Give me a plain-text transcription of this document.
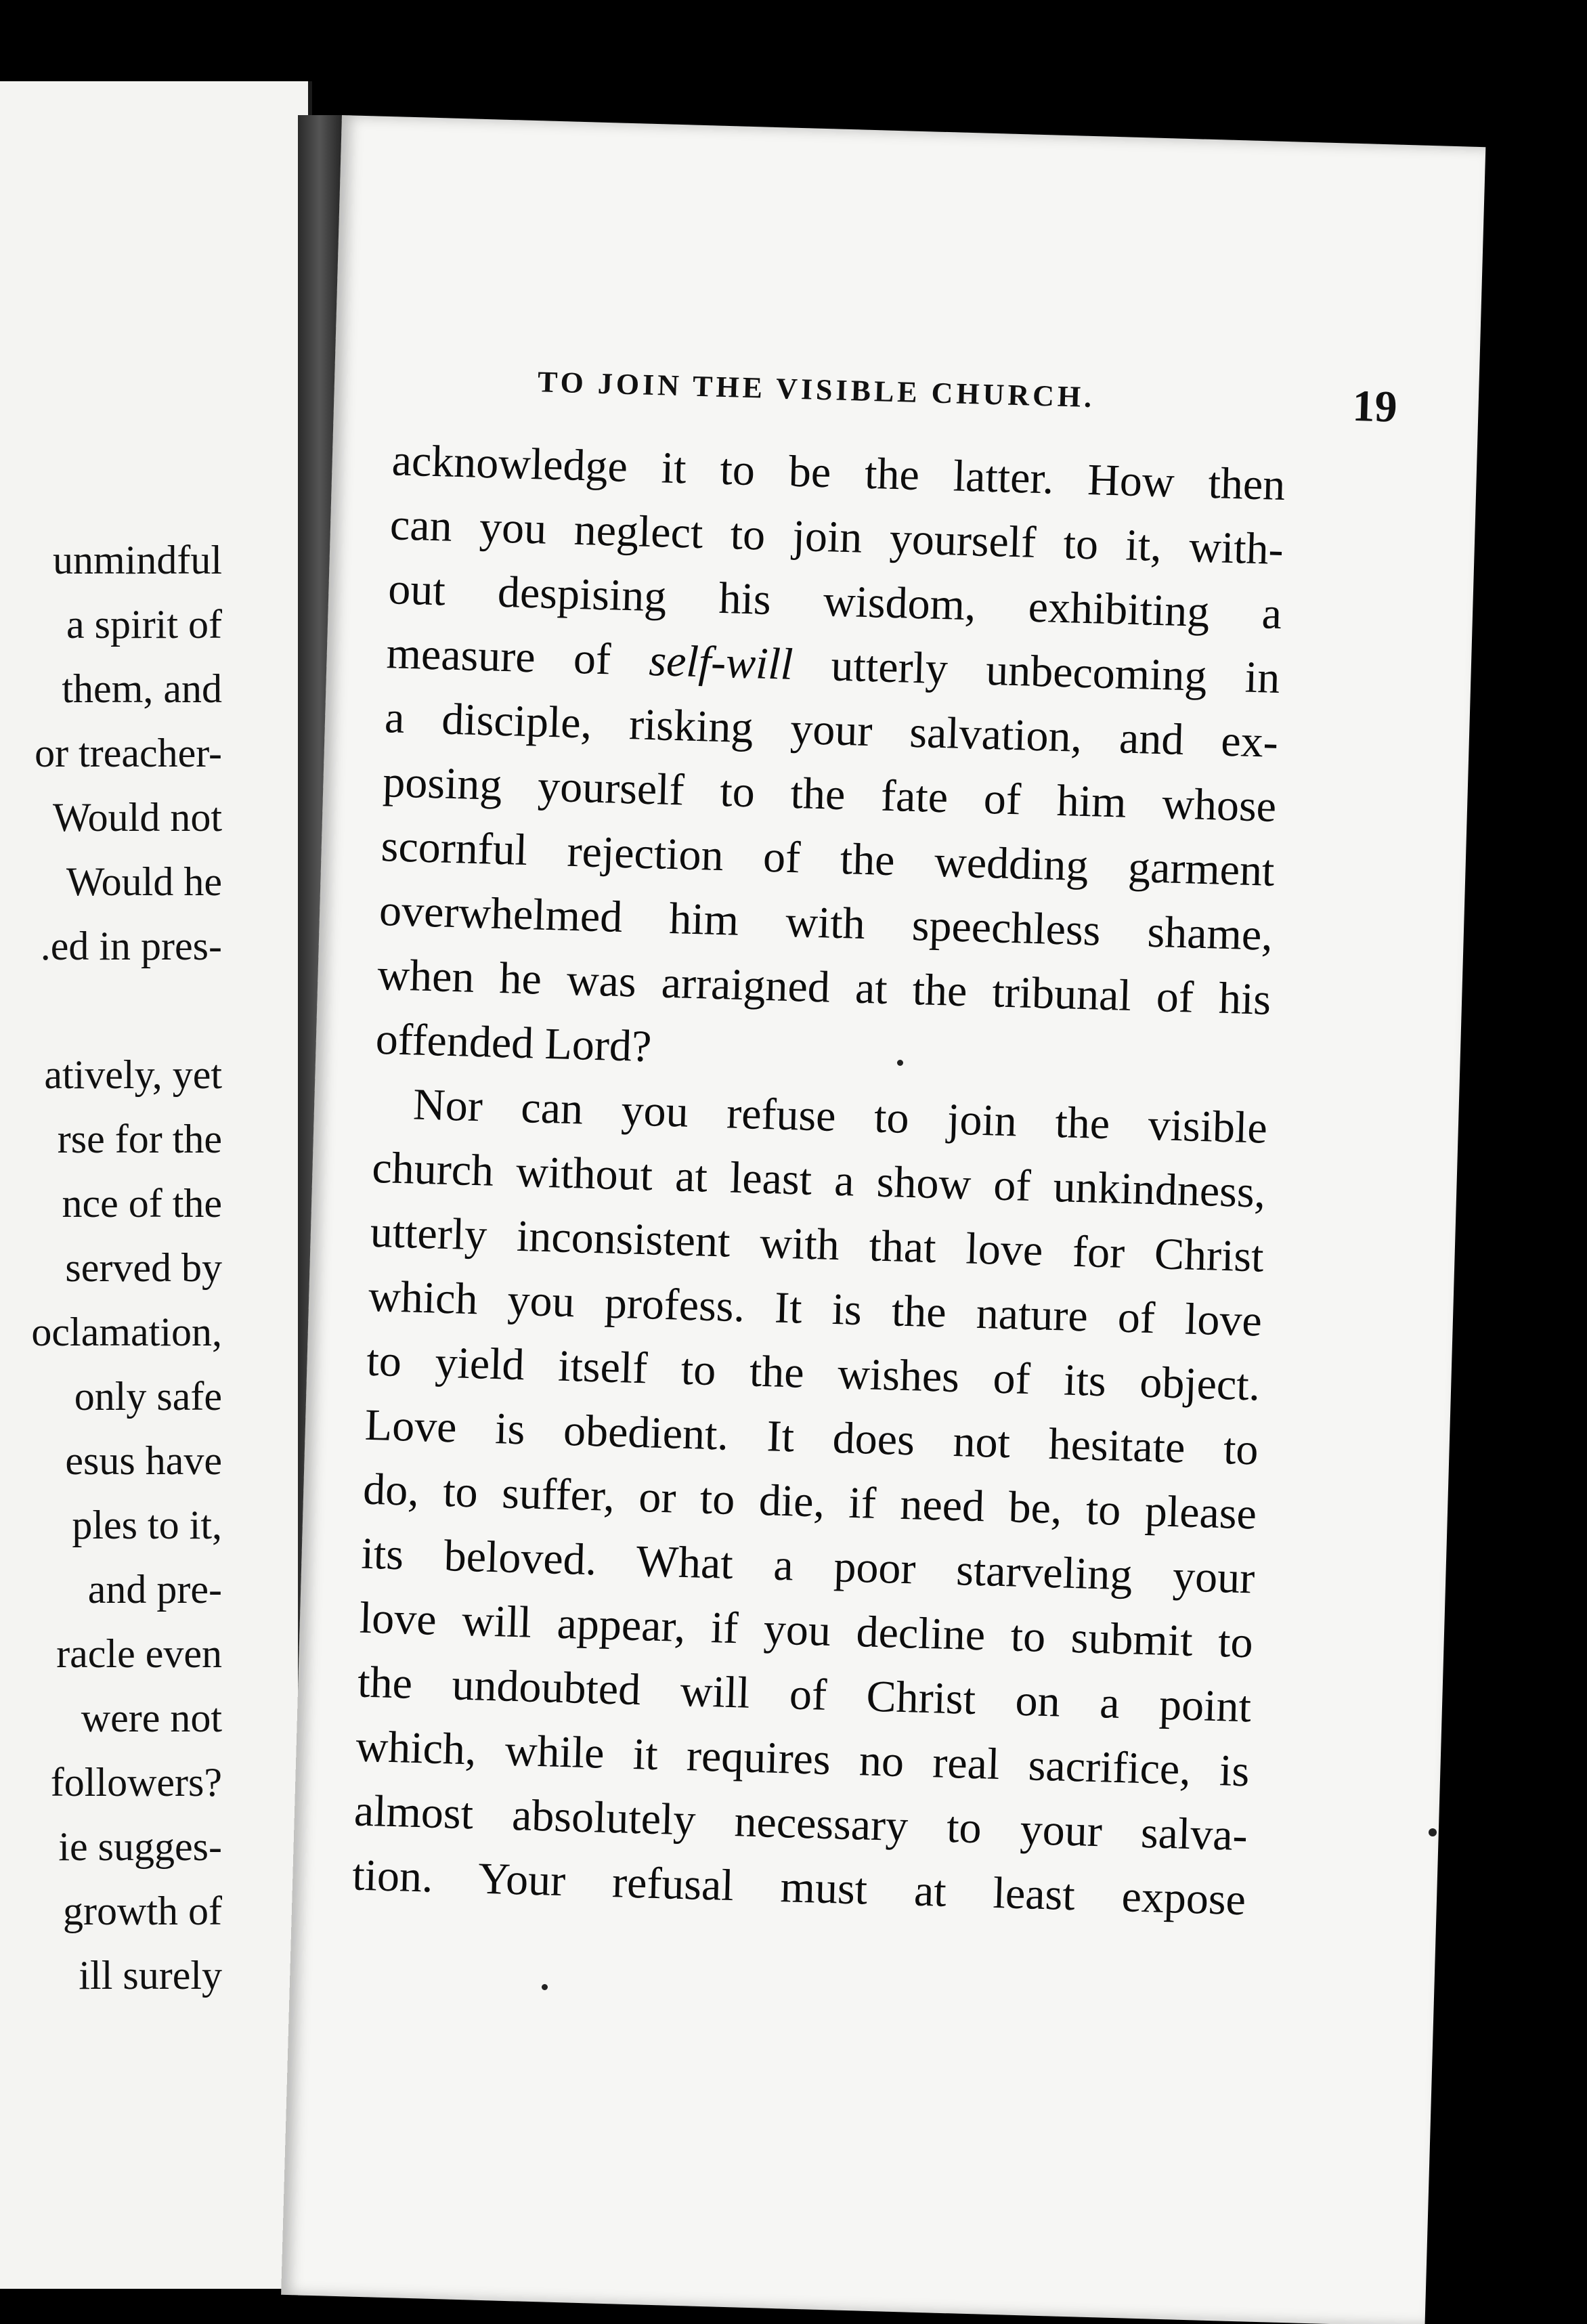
unmindful
a spirit of
them, and
or treacher-
Would not
Would he
.ed in pres-
atively, yet
rse for the
nce of the
served by
oclamation,
only safe
esus have
ples to it,
and pre-
racle even
were not
followers?
ie sugges-
growth of
ill surely
TO JOIN THE VISIBLE CHURCH.	19
acknowledge it to be the latter. How then
can you neglect to join yourself to it, with-
out despising his wisdom, exhibiting a
measure of self-will utterly unbecoming in
a disciple, risking your salvation, and ex-
posing yourself to the fate of him whose
scornful rejection of the wedding garment
overwhelmed him with speechless shame,
when he was arraigned at the tribunal of his
offended Lord?
Nor can you refuse to join the visible
church without at least a show of unkindness,
utterly inconsistent with that love for Christ
which you profess. It is the nature of love
to yield itself to the wishes of its object.
Love is obedient. It does not hesitate to
do, to suffer, or to die, if need be, to please
its beloved. What a poor starveling your
love will appear, if you decline to submit to
the undoubted will of Christ on a point
which, while it requires no real sacrifice, is
almost absolutely necessary to your salva-
tion. Your refusal must at least expose
